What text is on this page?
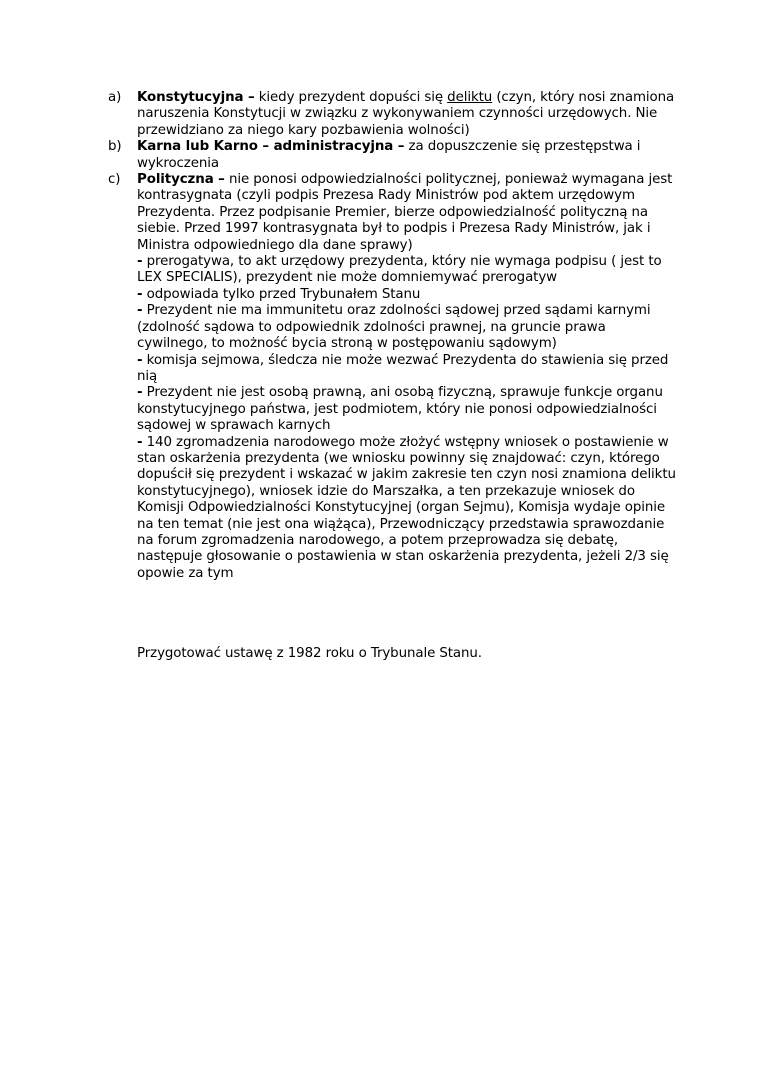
a) Konstytucyjna – kiedy prezydent dopuści się deliktu (czyn, który nosi znamiona naruszenia Konstytucji w związku z wykonywaniem czynności urzędowych. Nie przewidziano za niego kary pozbawienia wolności)
b) Karna lub Karno – administracyjna – za dopuszczenie się przestępstwa i wykroczenia
c) Polityczna – nie ponosi odpowiedzialności politycznej, ponieważ wymagana jest kontrasygnata (czyli podpis Prezesa Rady Ministrów pod aktem urzędowym Prezydenta. Przez podpisanie Premier, bierze odpowiedzialność polityczną na siebie. Przed 1997 kontrasygnata był to podpis i Prezesa Rady Ministrów, jak i Ministra odpowiedniego dla dane sprawy)
- prerogatywa, to akt urzędowy prezydenta, który nie wymaga podpisu ( jest to LEX SPECIALIS), prezydent nie może domniemywać prerogatyw
- odpowiada tylko przed Trybunałem Stanu
- Prezydent nie ma immunitetu oraz zdolności sądowej przed sądami karnymi (zdolność sądowa to odpowiednik zdolności prawnej, na gruncie prawa cywilnego, to możność bycia stroną w postępowaniu sądowym)
- komisja sejmowa, śledcza nie może wezwać Prezydenta do stawienia się przed nią
- Prezydent nie jest osobą prawną, ani osobą fizyczną, sprawuje funkcje organu konstytucyjnego państwa, jest podmiotem, który nie ponosi odpowiedzialności sądowej w sprawach karnych
- 140 zgromadzenia narodowego może złożyć wstępny wniosek o postawienie w stan oskarżenia prezydenta (we wniosku powinny się znajdować: czyn, którego dopuścił się prezydent i wskazać w jakim zakresie ten czyn nosi znamiona deliktu konstytucyjnego), wniosek idzie do Marszałka, a ten przekazuje wniosek do Komisji Odpowiedzialności Konstytucyjnej (organ Sejmu), Komisja wydaje opinie na ten temat (nie jest ona wiążąca), Przewodniczący przedstawia sprawozdanie na forum zgromadzenia narodowego, a potem przeprowadza się debatę, następuje głosowanie o postawienia w stan oskarżenia prezydenta, jeżeli 2/3 się opowie za tym
Przygotować ustawę z 1982 roku o Trybunale Stanu.
